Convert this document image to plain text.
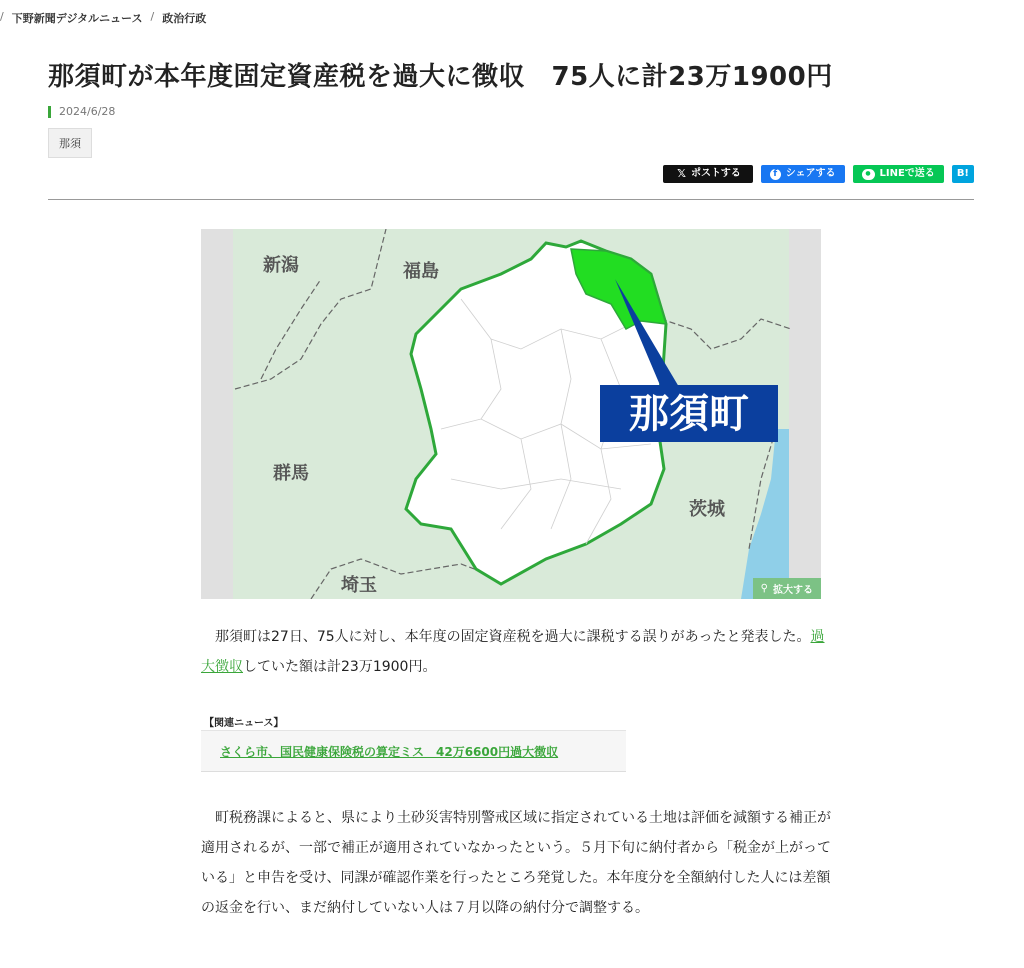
/ 下野新聞デジタルニュース / 政治行政
那須町が本年度固定資産税を過大に徴収　75人に計23万1900円
2024/6/28
那須
𝕏 ポストする	f シェアする	● LINEで送る B!
那須町
新潟	福島
群馬
茨城
埼玉	⚲ 拡大する

那須町は27日、75人に対し、本年度の固定資産税を過大に課税する誤りがあったと発表した。過大徴収していた額は計23万1900円。

【関連ニュース】
さくら市、国民健康保険税の算定ミス　42万6600円過大徴収

町税務課によると、県により土砂災害特別警戒区域に指定されている土地は評価を減額する補正が適用されるが、一部で補正が適用されていなかったという。５月下旬に納付者から「税金が上がっている」と申告を受け、同課が確認作業を行ったところ発覚した。本年度分を全額納付した人には差額の返金を行い、まだ納付していない人は７月以降の納付分で調整する。
